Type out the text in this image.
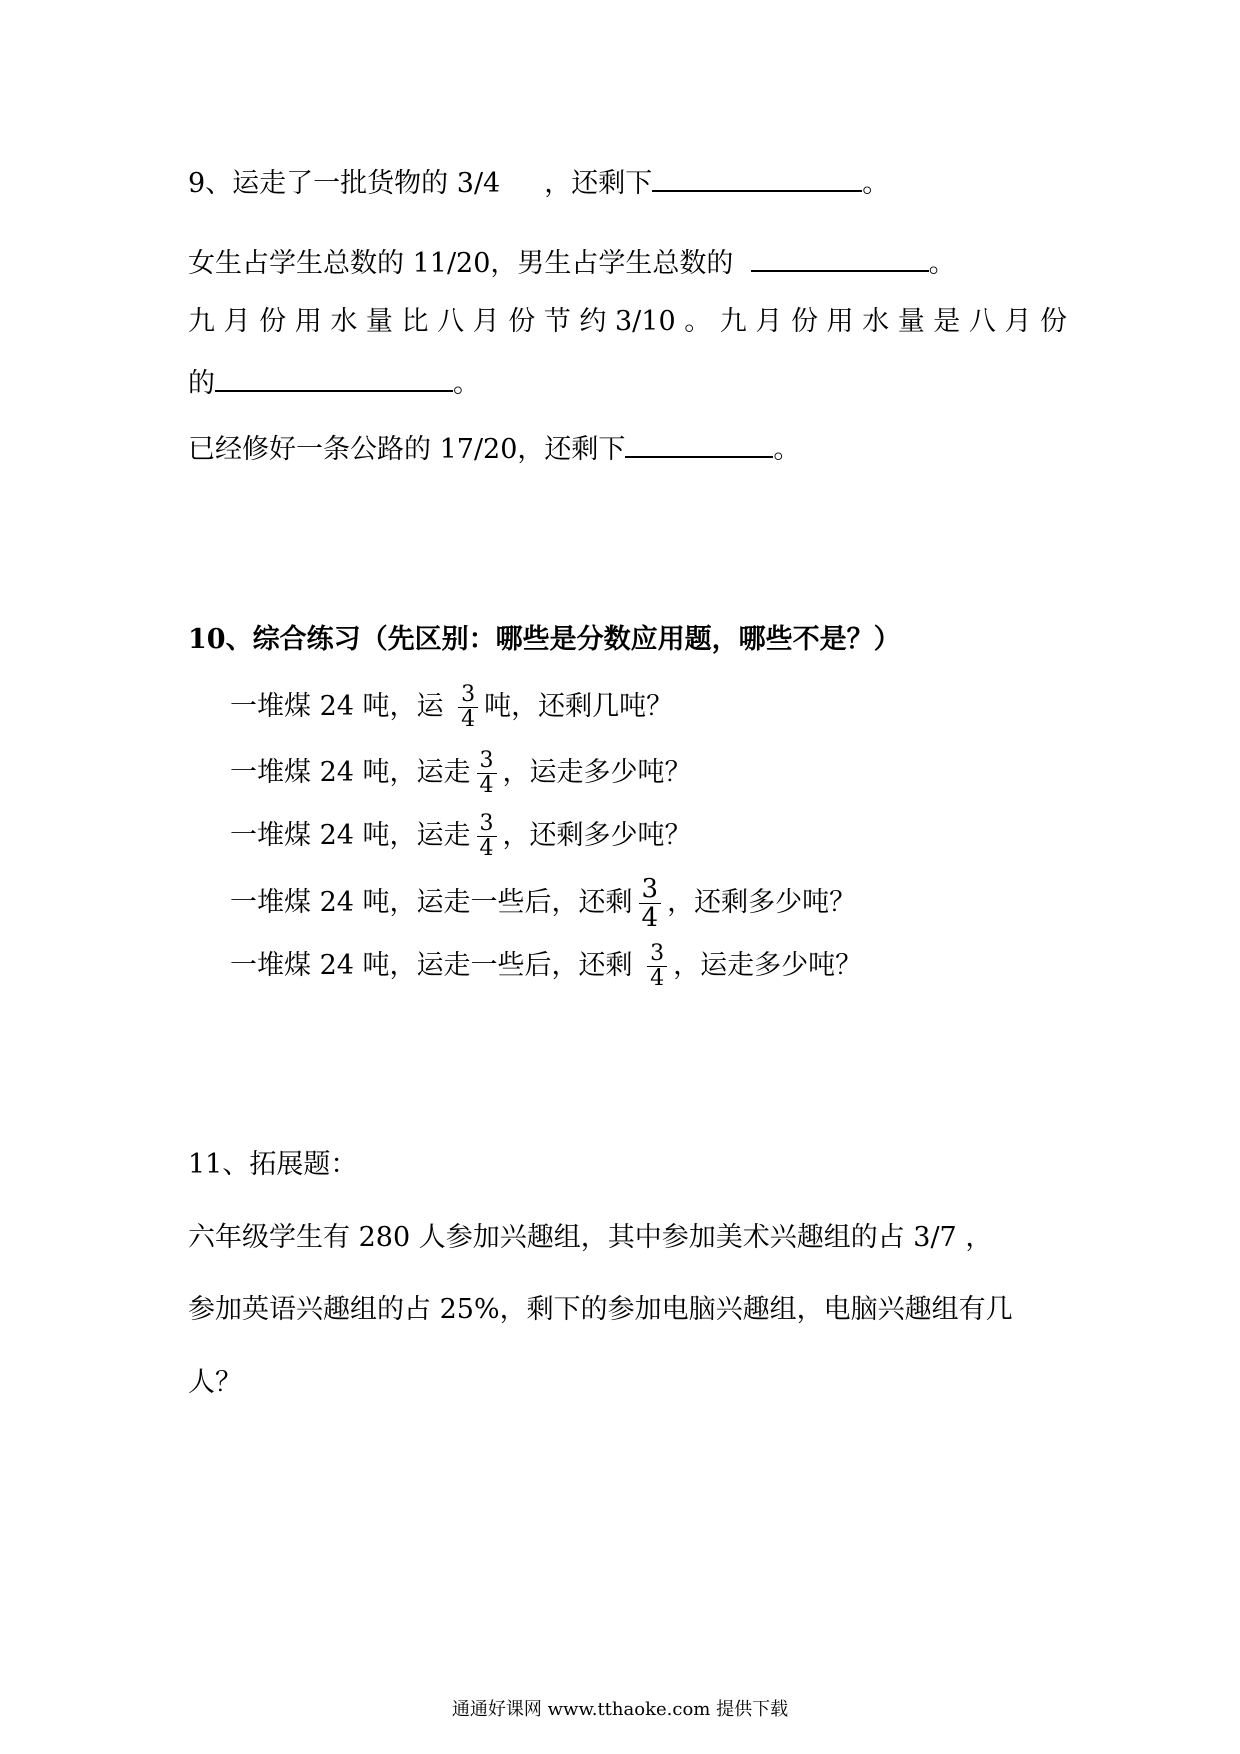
9、运走了一批货物的 3/4 ，还剩下	。
女生占学生总数的 11/20，男生占学生总数的	。
九 月 份 用 水 量 比 八 月 份 节 约 3/10 。 九 月 份 用 水 量 是 八 月 份
的	。
已经修好一条公路的 17/20，还剩下	。
10、综合练习（先区别：哪些是分数应用题，哪些不是？）
一堆煤 24 吨，运 $\frac{3}{4}$ 吨，还剩几吨？
一堆煤 24 吨，运走 $\frac{3}{4}$ ，运走多少吨？
一堆煤 24 吨，运走 $\frac{3}{4}$ ，还剩多少吨？
一堆煤 24 吨，运走一些后，还剩 $\frac{3}{4}$ ，还剩多少吨？
一堆煤 24 吨，运走一些后，还剩 $\frac{3}{4}$ ，运走多少吨？
11、拓展题：
六年级学生有 280 人参加兴趣组，其中参加美术兴趣组的占 3/7 ，
参加英语兴趣组的占 25%，剩下的参加电脑兴趣组，电脑兴趣组有几
人？
通通好课网 www.tthaoke.com 提供下载
